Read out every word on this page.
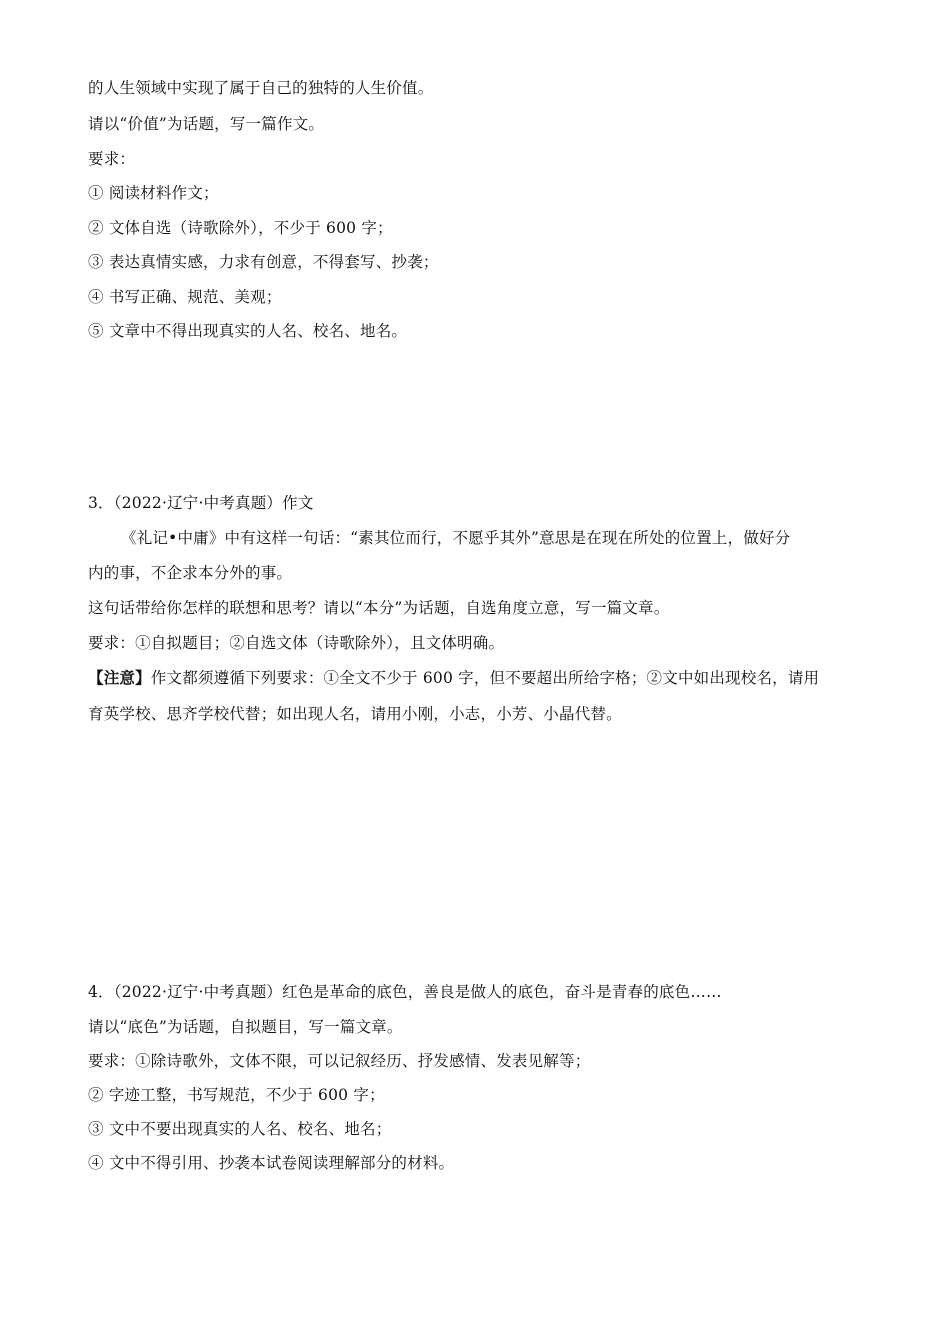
的人生领域中实现了属于自己的独特的人生价值。
请以“价值”为话题，写一篇作文。
要求：
① 阅读材料作文；
② 文体自选（诗歌除外），不少于 600 字；
③ 表达真情实感，力求有创意，不得套写、抄袭；
④ 书写正确、规范、美观；
⑤ 文章中不得出现真实的人名、校名、地名。
3．（2022·辽宁·中考真题）作文
《礼记•中庸》中有这样一句话：“素其位而行，不愿乎其外”意思是在现在所处的位置上，做好分
内的事，不企求本分外的事。
这句话带给你怎样的联想和思考？请以“本分”为话题，自选角度立意，写一篇文章。
要求：①自拟题目；②自选文体（诗歌除外），且文体明确。
【注意】作文都须遵循下列要求：①全文不少于 600 字，但不要超出所给字格；②文中如出现校名，请用
育英学校、思齐学校代替；如出现人名，请用小刚，小志，小芳、小晶代替。
4．（2022·辽宁·中考真题）红色是革命的底色，善良是做人的底色，奋斗是青春的底色……
请以“底色”为话题，自拟题目，写一篇文章。
要求：①除诗歌外，文体不限，可以记叙经历、抒发感情、发表见解等；
② 字迹工整，书写规范，不少于 600 字；
③ 文中不要出现真实的人名、校名、地名；
④ 文中不得引用、抄袭本试卷阅读理解部分的材料。
